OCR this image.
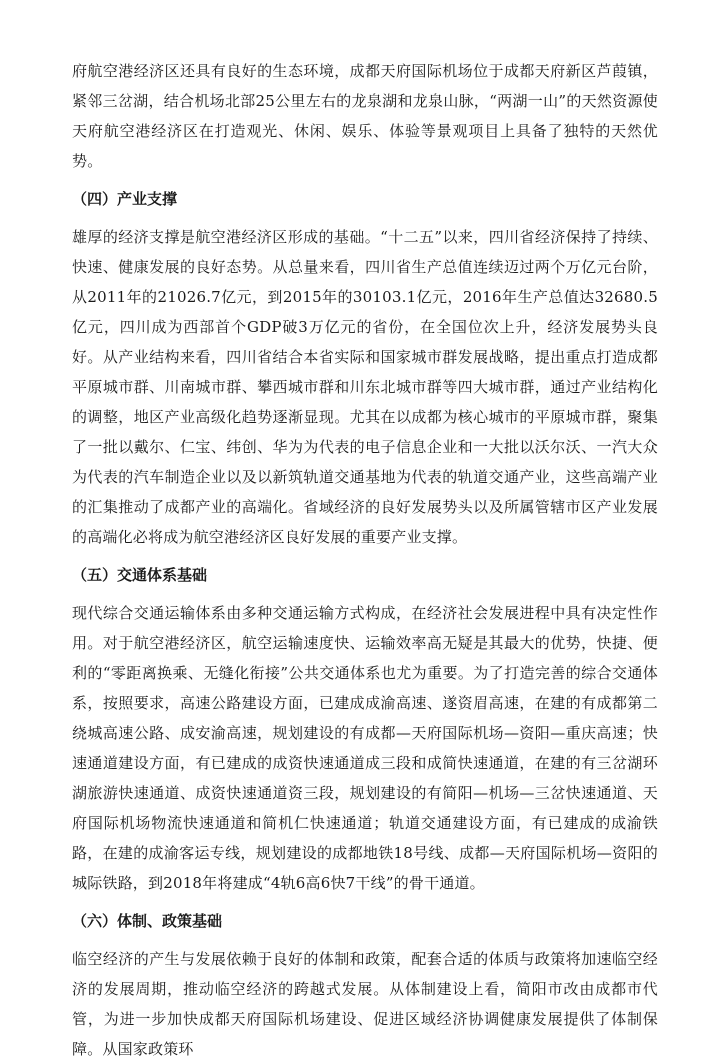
府航空港经济区还具有良好的生态环境，成都天府国际机场位于成都天府新区芦葭镇，紧邻三岔湖，结合机场北部25公里左右的龙泉湖和龙泉山脉，“两湖一山”的天然资源使天府航空港经济区在打造观光、休闲、娱乐、体验等景观项目上具备了独特的天然优势。

（四）产业支撑

雄厚的经济支撑是航空港经济区形成的基础。“十二五”以来，四川省经济保持了持续、快速、健康发展的良好态势。从总量来看，四川省生产总值连续迈过两个万亿元台阶，从2011年的21026.7亿元，到2015年的30103.1亿元，2016年生产总值达32680.5亿元，四川成为西部首个GDP破3万亿元的省份，在全国位次上升，经济发展势头良好。从产业结构来看，四川省结合本省实际和国家城市群发展战略，提出重点打造成都平原城市群、川南城市群、攀西城市群和川东北城市群等四大城市群，通过产业结构化的调整，地区产业高级化趋势逐渐显现。尤其在以成都为核心城市的平原城市群，聚集了一批以戴尔、仁宝、纬创、华为为代表的电子信息企业和一大批以沃尔沃、一汽大众为代表的汽车制造企业以及以新筑轨道交通基地为代表的轨道交通产业，这些高端产业的汇集推动了成都产业的高端化。省域经济的良好发展势头以及所属管辖市区产业发展的高端化必将成为航空港经济区良好发展的重要产业支撑。

（五）交通体系基础

现代综合交通运输体系由多种交通运输方式构成，在经济社会发展进程中具有决定性作用。对于航空港经济区，航空运输速度快、运输效率高无疑是其最大的优势，快捷、便利的“零距离换乘、无缝化衔接”公共交通体系也尤为重要。为了打造完善的综合交通体系，按照要求，高速公路建设方面，已建成成渝高速、遂资眉高速，在建的有成都第二绕城高速公路、成安渝高速，规划建设的有成都—天府国际机场—资阳—重庆高速；快速通道建设方面，有已建成的成资快速通道成三段和成简快速通道，在建的有三岔湖环湖旅游快速通道、成资快速通道资三段，规划建设的有简阳—机场—三岔快速通道、天府国际机场物流快速通道和简机仁快速通道；轨道交通建设方面，有已建成的成渝铁路，在建的成渝客运专线，规划建设的成都地铁18号线、成都—天府国际机场—资阳的城际铁路，到2018年将建成“4轨6高6快7干线”的骨干通道。

（六）体制、政策基础

临空经济的产生与发展依赖于良好的体制和政策，配套合适的体质与政策将加速临空经济的发展周期，推动临空经济的跨越式发展。从体制建设上看，简阳市改由成都市代管，为进一步加快成都天府国际机场建设、促进区域经济协调健康发展提供了体制保障。从国家政策环
